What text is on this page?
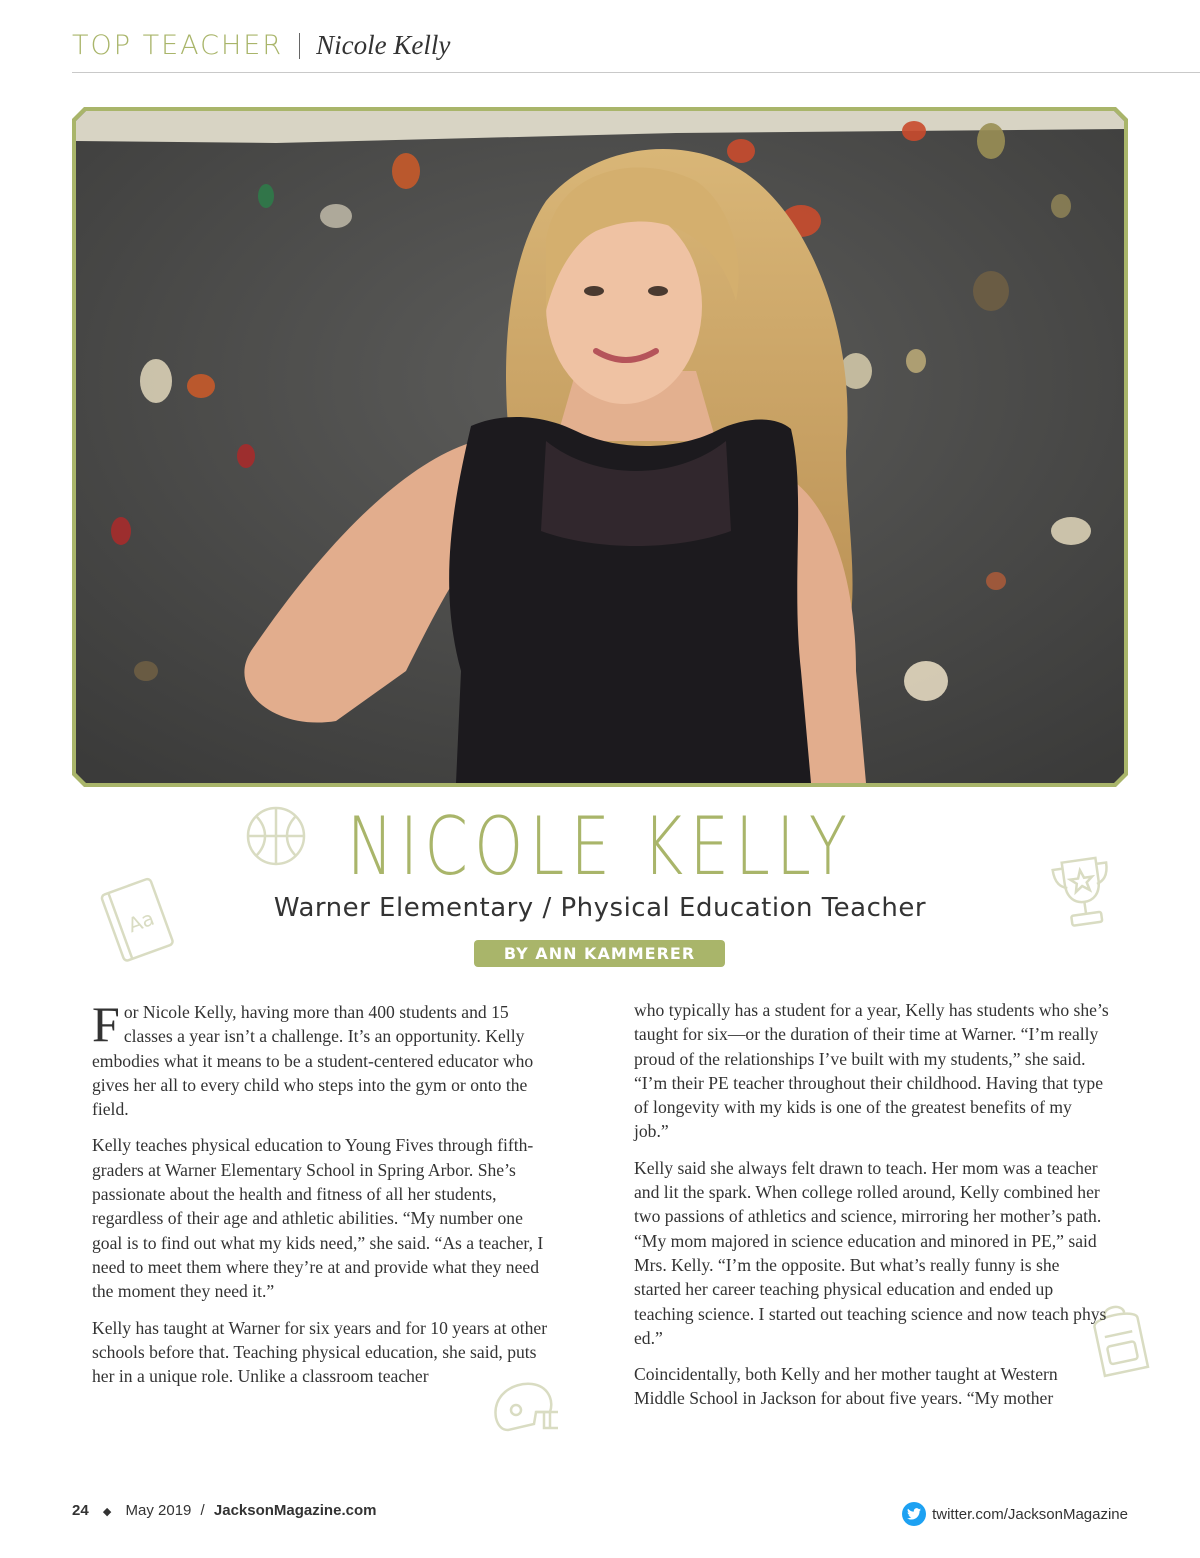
TOP TEACHER Nicole Kelly
Aa
NICOLE KELLY
Warner Elementary / Physical Education Teacher
BY ANN KAMMERER

For Nicole Kelly, having more than 400 students and 15 classes a year isn’t a challenge. It’s an opportunity. Kelly embodies what it means to be a student-centered educator who gives her all to every child who steps into the gym or onto the field.

Kelly teaches physical education to Young Fives through fifth-graders at Warner Elementary School in Spring Arbor. She’s passionate about the health and fitness of all her students, regardless of their age and athletic abilities. “My number one goal is to find out what my kids need,” she said. “As a teacher, I need to meet them where they’re at and provide what they need the moment they need it.”

Kelly has taught at Warner for six years and for 10 years at other schools before that. Teaching physical education, she said, puts her in a unique role. Unlike a classroom teacher

who typically has a student for a year, Kelly has students who she’s taught for six—or the duration of their time at Warner. “I’m really proud of the relationships I’ve built with my students,” she said. “I’m their PE teacher throughout their childhood. Having that type of longevity with my kids is one of the greatest benefits of my job.”

Kelly said she always felt drawn to teach. Her mom was a teacher and lit the spark. When college rolled around, Kelly combined her two passions of athletics and science, mirroring her mother’s path. “My mom majored in science education and minored in PE,” said Mrs. Kelly. “I’m the opposite. But what’s really funny is she started her career teaching physical education and ended up teaching science. I started out teaching science and now teach phys ed.”

Coincidentally, both Kelly and her mother taught at Western Middle School in Jackson for about five years. “My mother

24 ◆ May 2019 / JacksonMagazine.com	twitter.com/JacksonMagazine
